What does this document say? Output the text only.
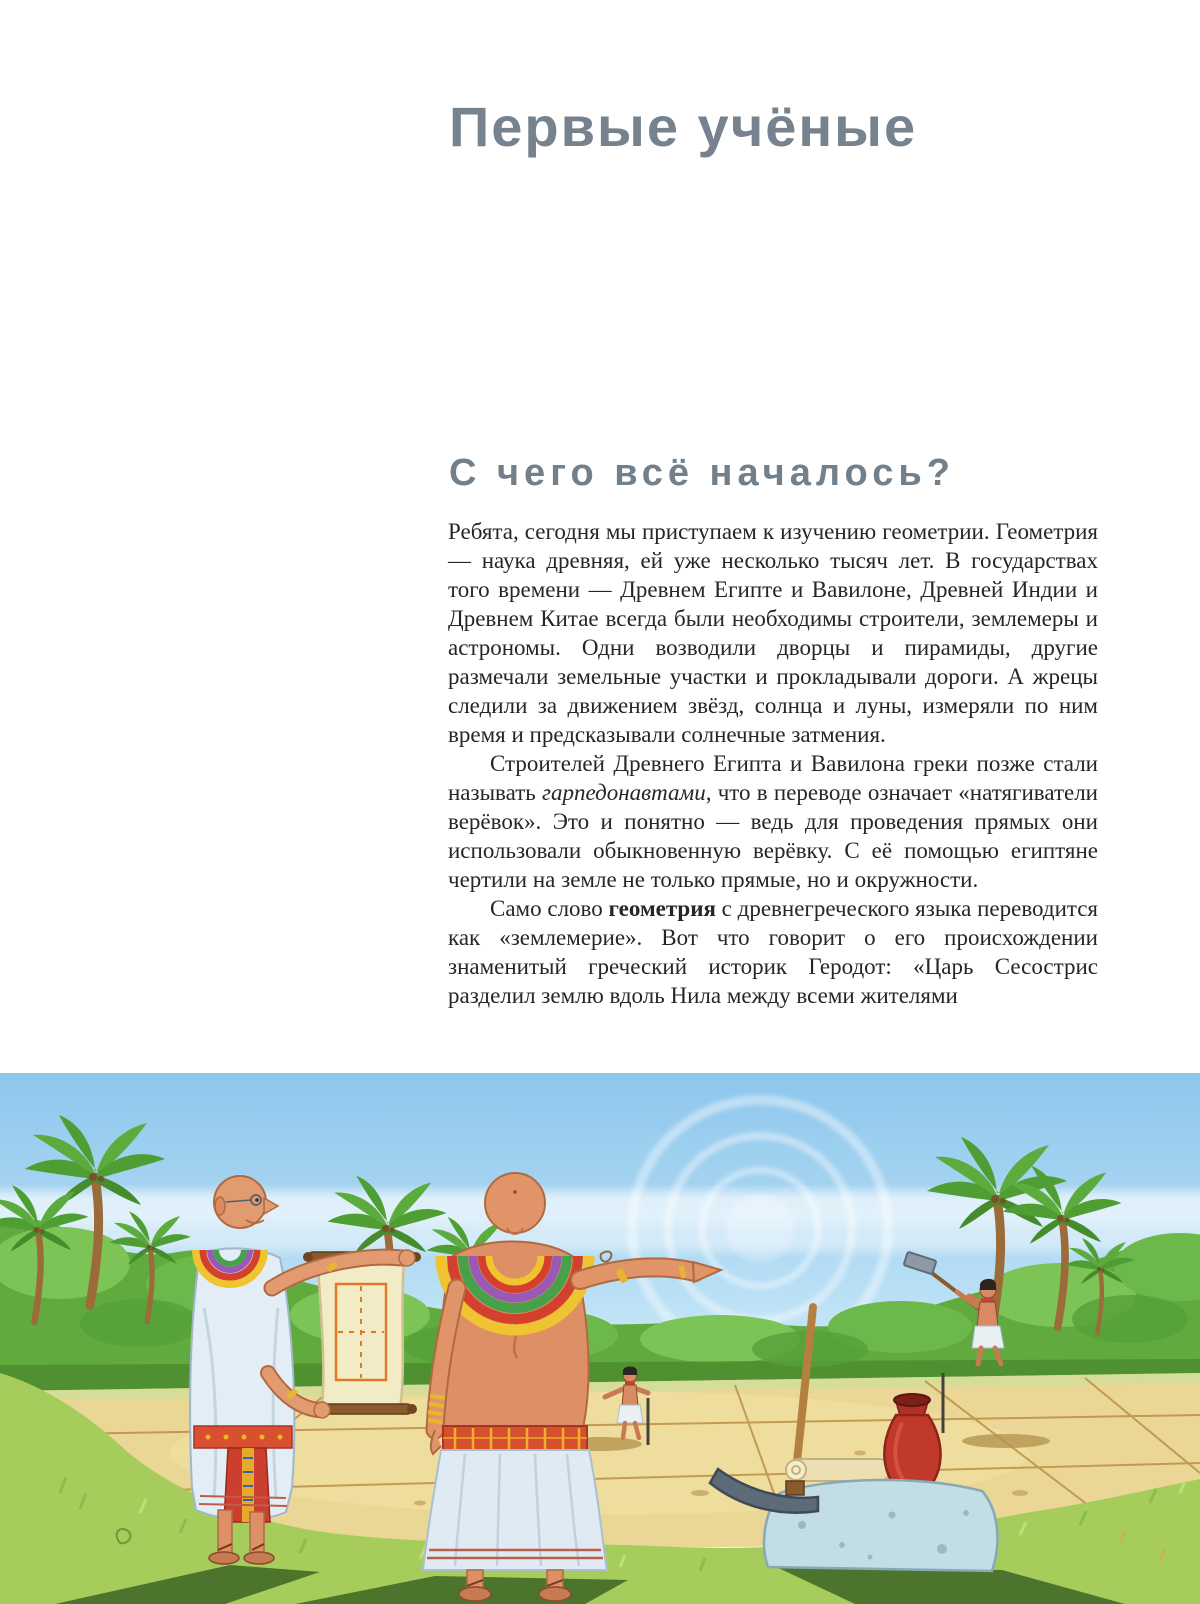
Первые учёные
С чего всё началось?

Ребята, сегодня мы приступаем к изучению геометрии. Геометрия — наука древняя, ей уже несколько тысяч лет. В государствах того времени — Древнем Египте и Вавилоне, Древней Индии и Древнем Китае всегда были необходимы строители, землемеры и астрономы. Одни возводили дворцы и пирамиды, другие размечали земельные участки и прокладывали дороги. А жрецы следили за движением звёзд, солнца и луны, измеряли по ним время и предсказывали солнечные затмения.

Строителей Древнего Египта и Вавилона греки позже стали называть гарпедонавтами, что в переводе означает «натягиватели верёвок». Это и понятно — ведь для проведения прямых они использовали обыкновенную верёвку. С её помощью египтяне чертили на земле не только прямые, но и окружности.

Само слово геометрия с древнегреческого языка переводится как «землемерие». Вот что говорит о его происхождении знаменитый греческий историк Геродот: «Царь Сесострис разделил землю вдоль Нила между всеми жителями
